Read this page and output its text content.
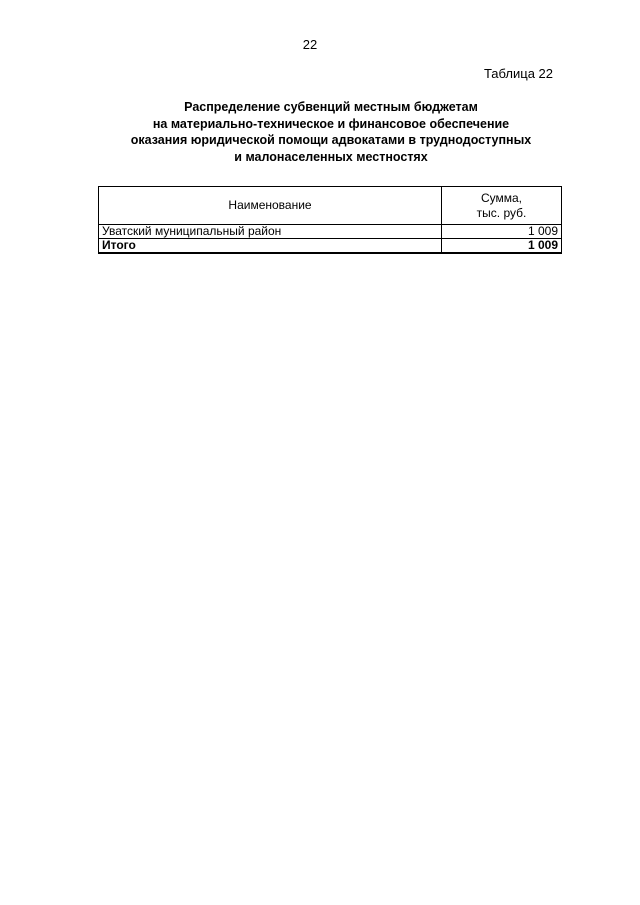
22
Таблица 22
Распределение субвенций местным бюджетам
на материально-техническое и финансовое обеспечение
оказания юридической помощи адвокатами в труднодоступных
и малонаселенных местностях
Наименование	Сумма,
тыс. руб.

Уватский муниципальный район	1 009
Итого	1 009
